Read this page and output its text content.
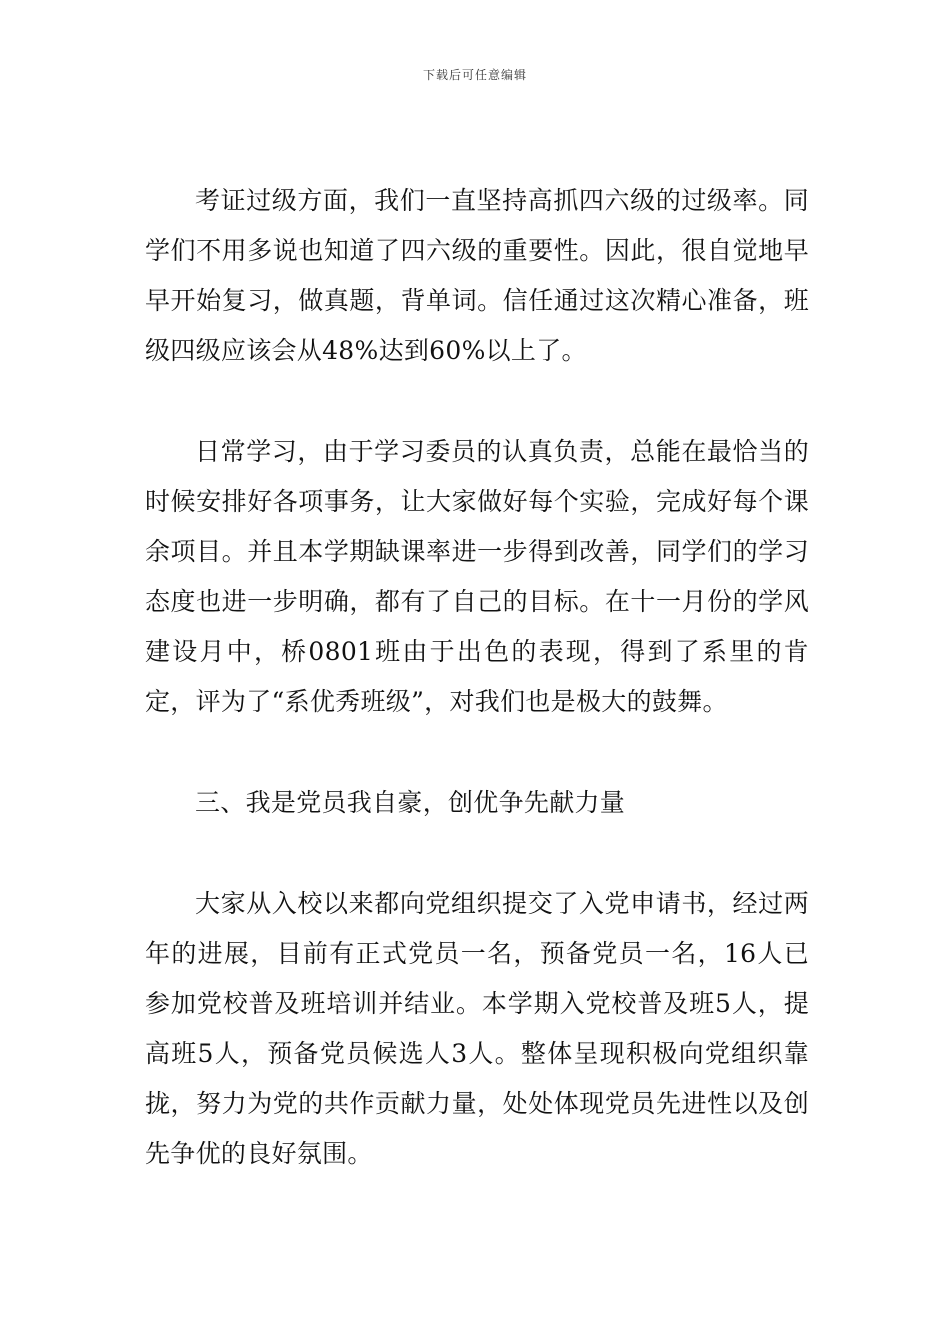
下载后可任意编辑

考证过级方面，我们一直坚持高抓四六级的过级率。同学们不用多说也知道了四六级的重要性。因此，很自觉地早早开始复习，做真题，背单词。信任通过这次精心准备，班级四级应该会从48%达到60%以上了。

日常学习，由于学习委员的认真负责，总能在最恰当的时候安排好各项事务，让大家做好每个实验，完成好每个课余项目。并且本学期缺课率进一步得到改善，同学们的学习态度也进一步明确，都有了自己的目标。在十一月份的学风建设月中，桥0801班由于出色的表现，得到了系里的肯定，评为了“系优秀班级”，对我们也是极大的鼓舞。

三、我是党员我自豪，创优争先献力量

大家从入校以来都向党组织提交了入党申请书，经过两年的进展，目前有正式党员一名，预备党员一名，16人已参加党校普及班培训并结业。本学期入党校普及班5人，提高班5人，预备党员候选人3人。整体呈现积极向党组织靠拢，努力为党的共作贡献力量，处处体现党员先进性以及创先争优的良好氛围。
